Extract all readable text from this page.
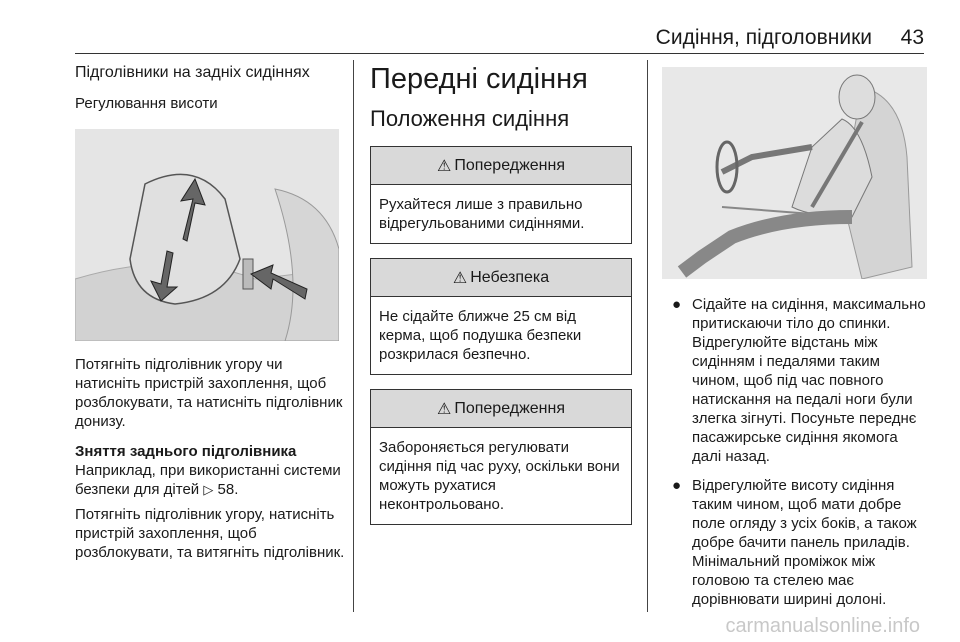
Сидіння, підголовники 43
Підголівники на задніх сидіннях
Регулювання висоти

Потягніть підголівник угору чи натисніть пристрій захоплення, щоб розблокувати, та натисніть підголівник донизу.

Зняття заднього підголівника

Наприклад, при використанні системи безпеки для дітей ▷ 58.

Потягніть підголівник угору, натисніть пристрій захоплення, щоб розблокувати, та витягніть підголівник.

Передні сидіння
Положення сидіння
⚠ Попередження
Рухайтеся лише з правильно відрегульованими сидіннями.
⚠ Небезпека
Не сідайте ближче 25 см від керма, щоб подушка безпеки розкрилася безпечно.
⚠ Попередження
Забороняється регулювати сидіння під час руху, оскільки вони можуть рухатися неконтрольовано.
● Сідайте на сидіння, максимально притискаючи тіло до спинки. Відрегулюйте відстань між сидінням і педалями таким чином, щоб під час повного натискання на педалі ноги були злегка зігнуті. Посуньте переднє пасажирське сидіння якомога далі назад.
● Відрегулюйте висоту сидіння таким чином, щоб мати добре поле огляду з усіх боків, а також добре бачити панель приладів. Мінімальний проміжок між головою та стелею має дорівнювати ширині долоні.
carmanualsonline.info
